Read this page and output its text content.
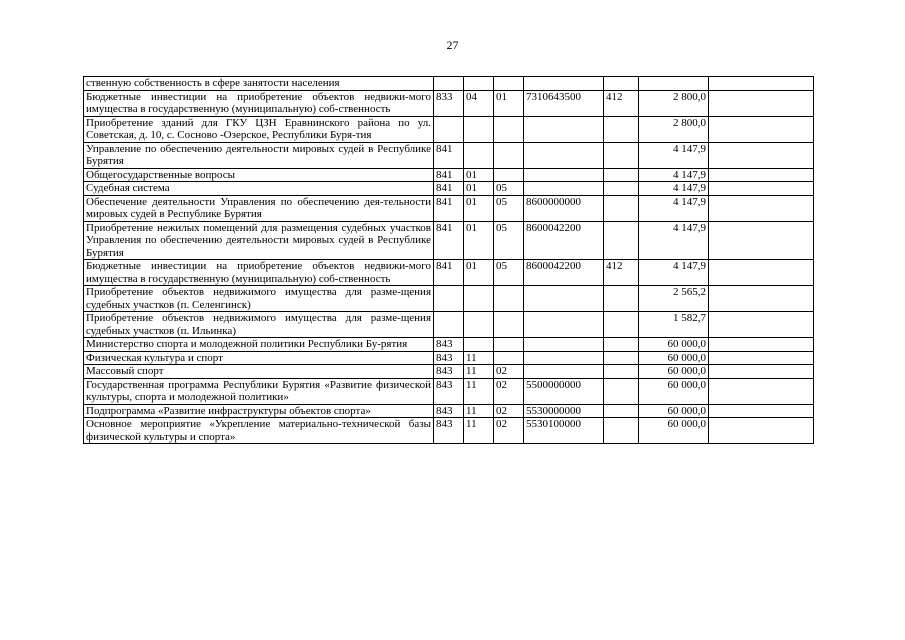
27
ственную собственность в сфере занятости населения							
Бюджетные инвестиции на приобретение объектов недвижи-мого имущества в государственную (муниципальную) соб-ственность	833	04	01	7310643500	412	2 800,0	
Приобретение зданий для ГКУ ЦЗН Еравнинского района по ул. Советская, д. 10, с. Сосново -Озерское, Республики Буря-тия						2 800,0	
Управление по обеспечению деятельности мировых судей в Республике Бурятия	841					4 147,9	
Общегосударственные вопросы	841	01				4 147,9	
Судебная система	841	01	05			4 147,9	
Обеспечение деятельности Управления по обеспечению дея-тельности мировых судей в Республике Бурятия	841	01	05	8600000000		4 147,9	
Приобретение нежилых помещений для размещения судебных участков Управления по обеспечению деятельности мировых судей в Республике Бурятия	841	01	05	8600042200		4 147,9	
Бюджетные инвестиции на приобретение объектов недвижи-мого имущества в государственную (муниципальную) соб-ственность	841	01	05	8600042200	412	4 147,9	
Приобретение объектов недвижимого имущества для разме-щения судебных участков (п. Селенгинск)						2 565,2	
Приобретение объектов недвижимого имущества для разме-щения судебных участков (п. Ильинка)						1 582,7	
Министерство спорта и молодежной политики Республики Бу-рятия	843					60 000,0	
Физическая культура и спорт	843	11				60 000,0	
Массовый спорт	843	11	02			60 000,0	
Государственная программа Республики Бурятия «Развитие физической культуры, спорта и молодежной политики»	843	11	02	5500000000		60 000,0	
Подпрограмма «Развитие инфраструктуры объектов спорта»	843	11	02	5530000000		60 000,0	
Основное мероприятие «Укрепление материально-технической базы физической культуры и спорта»	843	11	02	5530100000		60 000,0	
